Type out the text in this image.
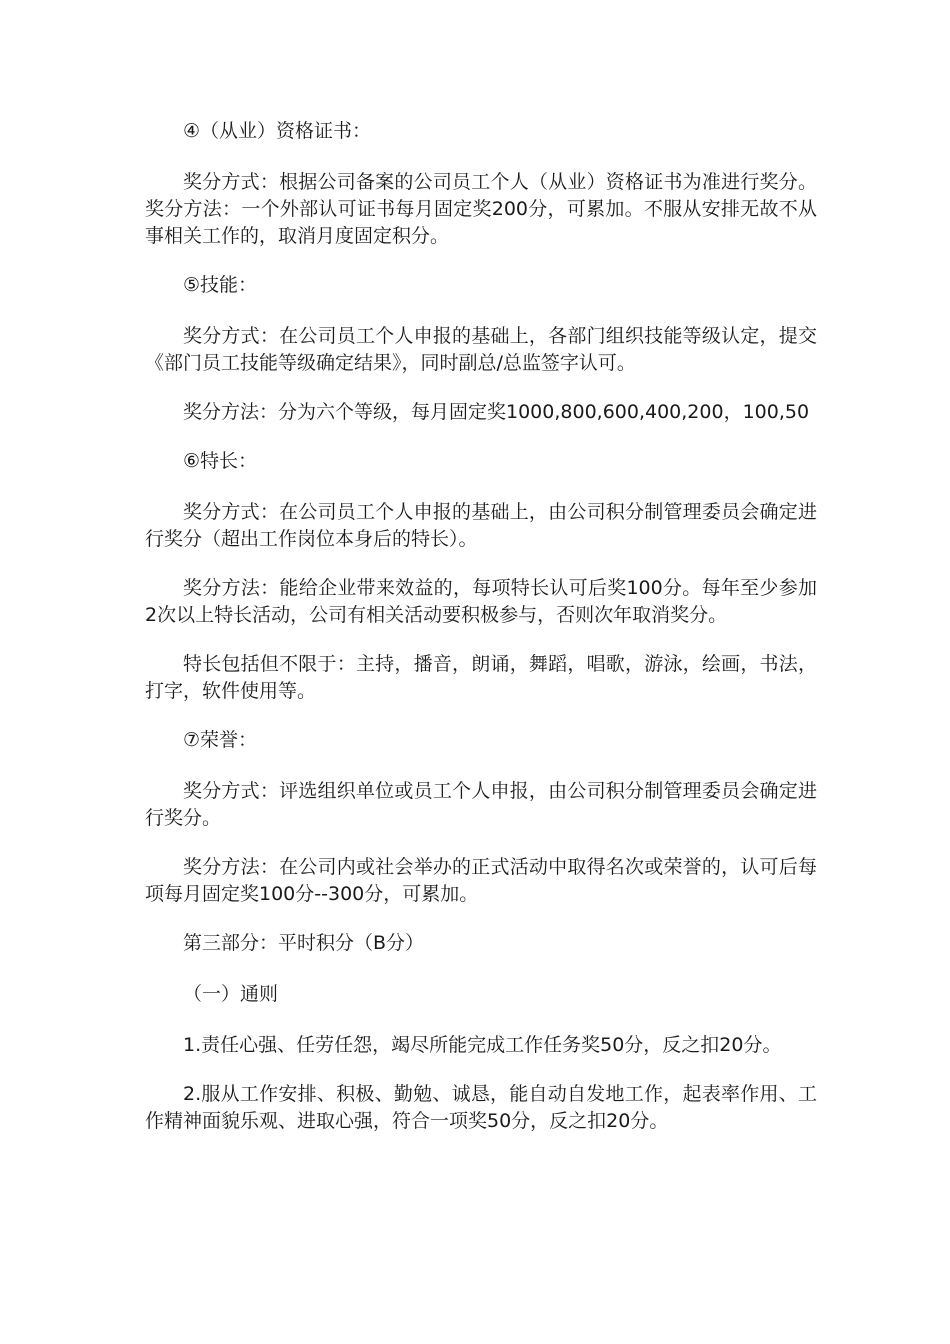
④（从业）资格证书：

奖分方式：根据公司备案的公司员工个人（从业）资格证书为准进行奖分。奖分方法：一个外部认可证书每月固定奖200分，可累加。不服从安排无故不从事相关工作的，取消月度固定积分。

⑤技能：

奖分方式：在公司员工个人申报的基础上，各部门组织技能等级认定，提交《部门员工技能等级确定结果》，同时副总/总监签字认可。

奖分方法：分为六个等级，每月固定奖1000,800,600,400,200，100,50

⑥特长：

奖分方式：在公司员工个人申报的基础上，由公司积分制管理委员会确定进行奖分（超出工作岗位本身后的特长）。

奖分方法：能给企业带来效益的，每项特长认可后奖100分。每年至少参加2次以上特长活动，公司有相关活动要积极参与，否则次年取消奖分。

特长包括但不限于：主持，播音，朗诵，舞蹈，唱歌，游泳，绘画，书法，打字，软件使用等。

⑦荣誉：

奖分方式：评选组织单位或员工个人申报，由公司积分制管理委员会确定进行奖分。

奖分方法：在公司内或社会举办的正式活动中取得名次或荣誉的，认可后每项每月固定奖100分--300分，可累加。

第三部分：平时积分（B分）

（一）通则

1.责任心强、任劳任怨，竭尽所能完成工作任务奖50分，反之扣20分。

2.服从工作安排、积极、勤勉、诚恳，能自动自发地工作，起表率作用、工作精神面貌乐观、进取心强，符合一项奖50分，反之扣20分。
